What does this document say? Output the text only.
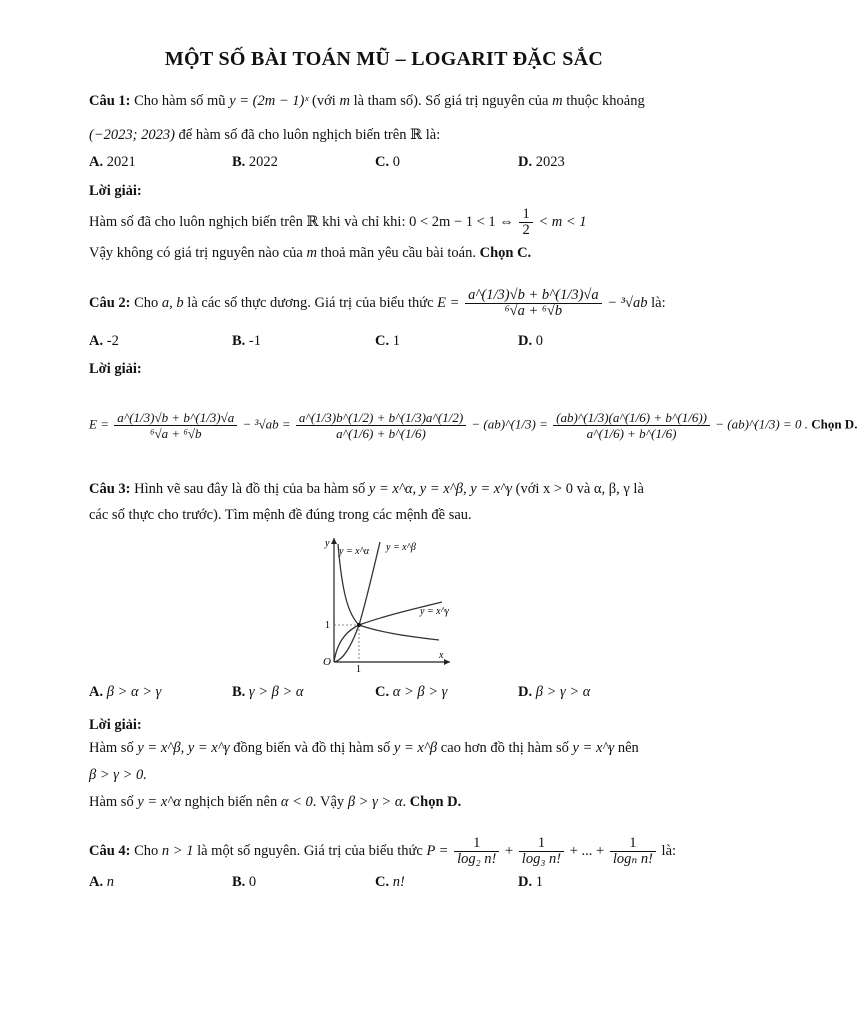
MỘT SỐ BÀI TOÁN MŨ – LOGARIT ĐẶC SẮC
Câu 1: Cho hàm số mũ y = (2m − 1)ˣ (với m là tham số). Số giá trị nguyên của m thuộc khoảng
(−2023; 2023) để hàm số đã cho luôn nghịch biến trên ℝ là:
A. 2021	B. 2022	C. 0	D. 2023
Lời giải:
Hàm số đã cho luôn nghịch biến trên ℝ khi và chỉ khi: 0 < 2m − 1 < 1 ⇔ $\frac{1}{2} < m < 1$
Vậy không có giá trị nguyên nào của m thoả mãn yêu cầu bài toán. Chọn C.
Câu 2: Cho a, b là các số thực dương. Giá trị của biểu thức $E = \frac{a\^{}(1/3)√b + b\^{}(1/3)√a}{\text{⁶√a + ⁶√b}} - ^3√ab$ là:
A. -2	B. -1	C. 1	D. 0
Lời giải:
$E = \frac{a\^{}(1/3)√b + b\^{}(1/3)√a}{\text{⁶√a + ⁶√b}} - ^3√ab = \frac{a\^{}(1/3)b\^{}(1/2) + b\^{}(1/3)a\^{}(1/2)}{a\^{}(1/6) + b\^{}(1/6)}$ − (ab)^(1/3) = $\frac{(ab)\^{}(1/3)(a\^{}(1/6) + b\^{}(1/6))}{a\^{}(1/6) + b\^{}(1/6)}$ − (ab)^(1/3) = 0 . Chọn D.
Câu 3: Hình vẽ sau đây là đồ thị của ba hàm số y = x^α, y = x^β, y = x^γ (với x > 0 và α, β, γ là
các số thực cho trước). Tìm mệnh đề đúng trong các mệnh đề sau.
y = x^α y = x^β
y = x^γ
y
x
O
1
1
A. β > α > γ	B. γ > β > α	C. α > β > γ	D. β > γ > α
Lời giải:
Hàm số y = x^β, y = x^γ đồng biến và đồ thị hàm số y = x^β cao hơn đồ thị hàm số y = x^γ nên
β > γ > 0.
Hàm số y = x^α nghịch biến nên α < 0. Vậy β > γ > α. Chọn D.
Câu 4: Cho n > 1 là một số nguyên. Giá trị của biểu thức $P = \frac{1}{\text{log₂ n!}} + \frac{1}{\text{log₃ n!}}$ + ... + $\frac{1}{\text{logₙ n!}}$ là:
A. n	B. 0	C. n!	D. 1
